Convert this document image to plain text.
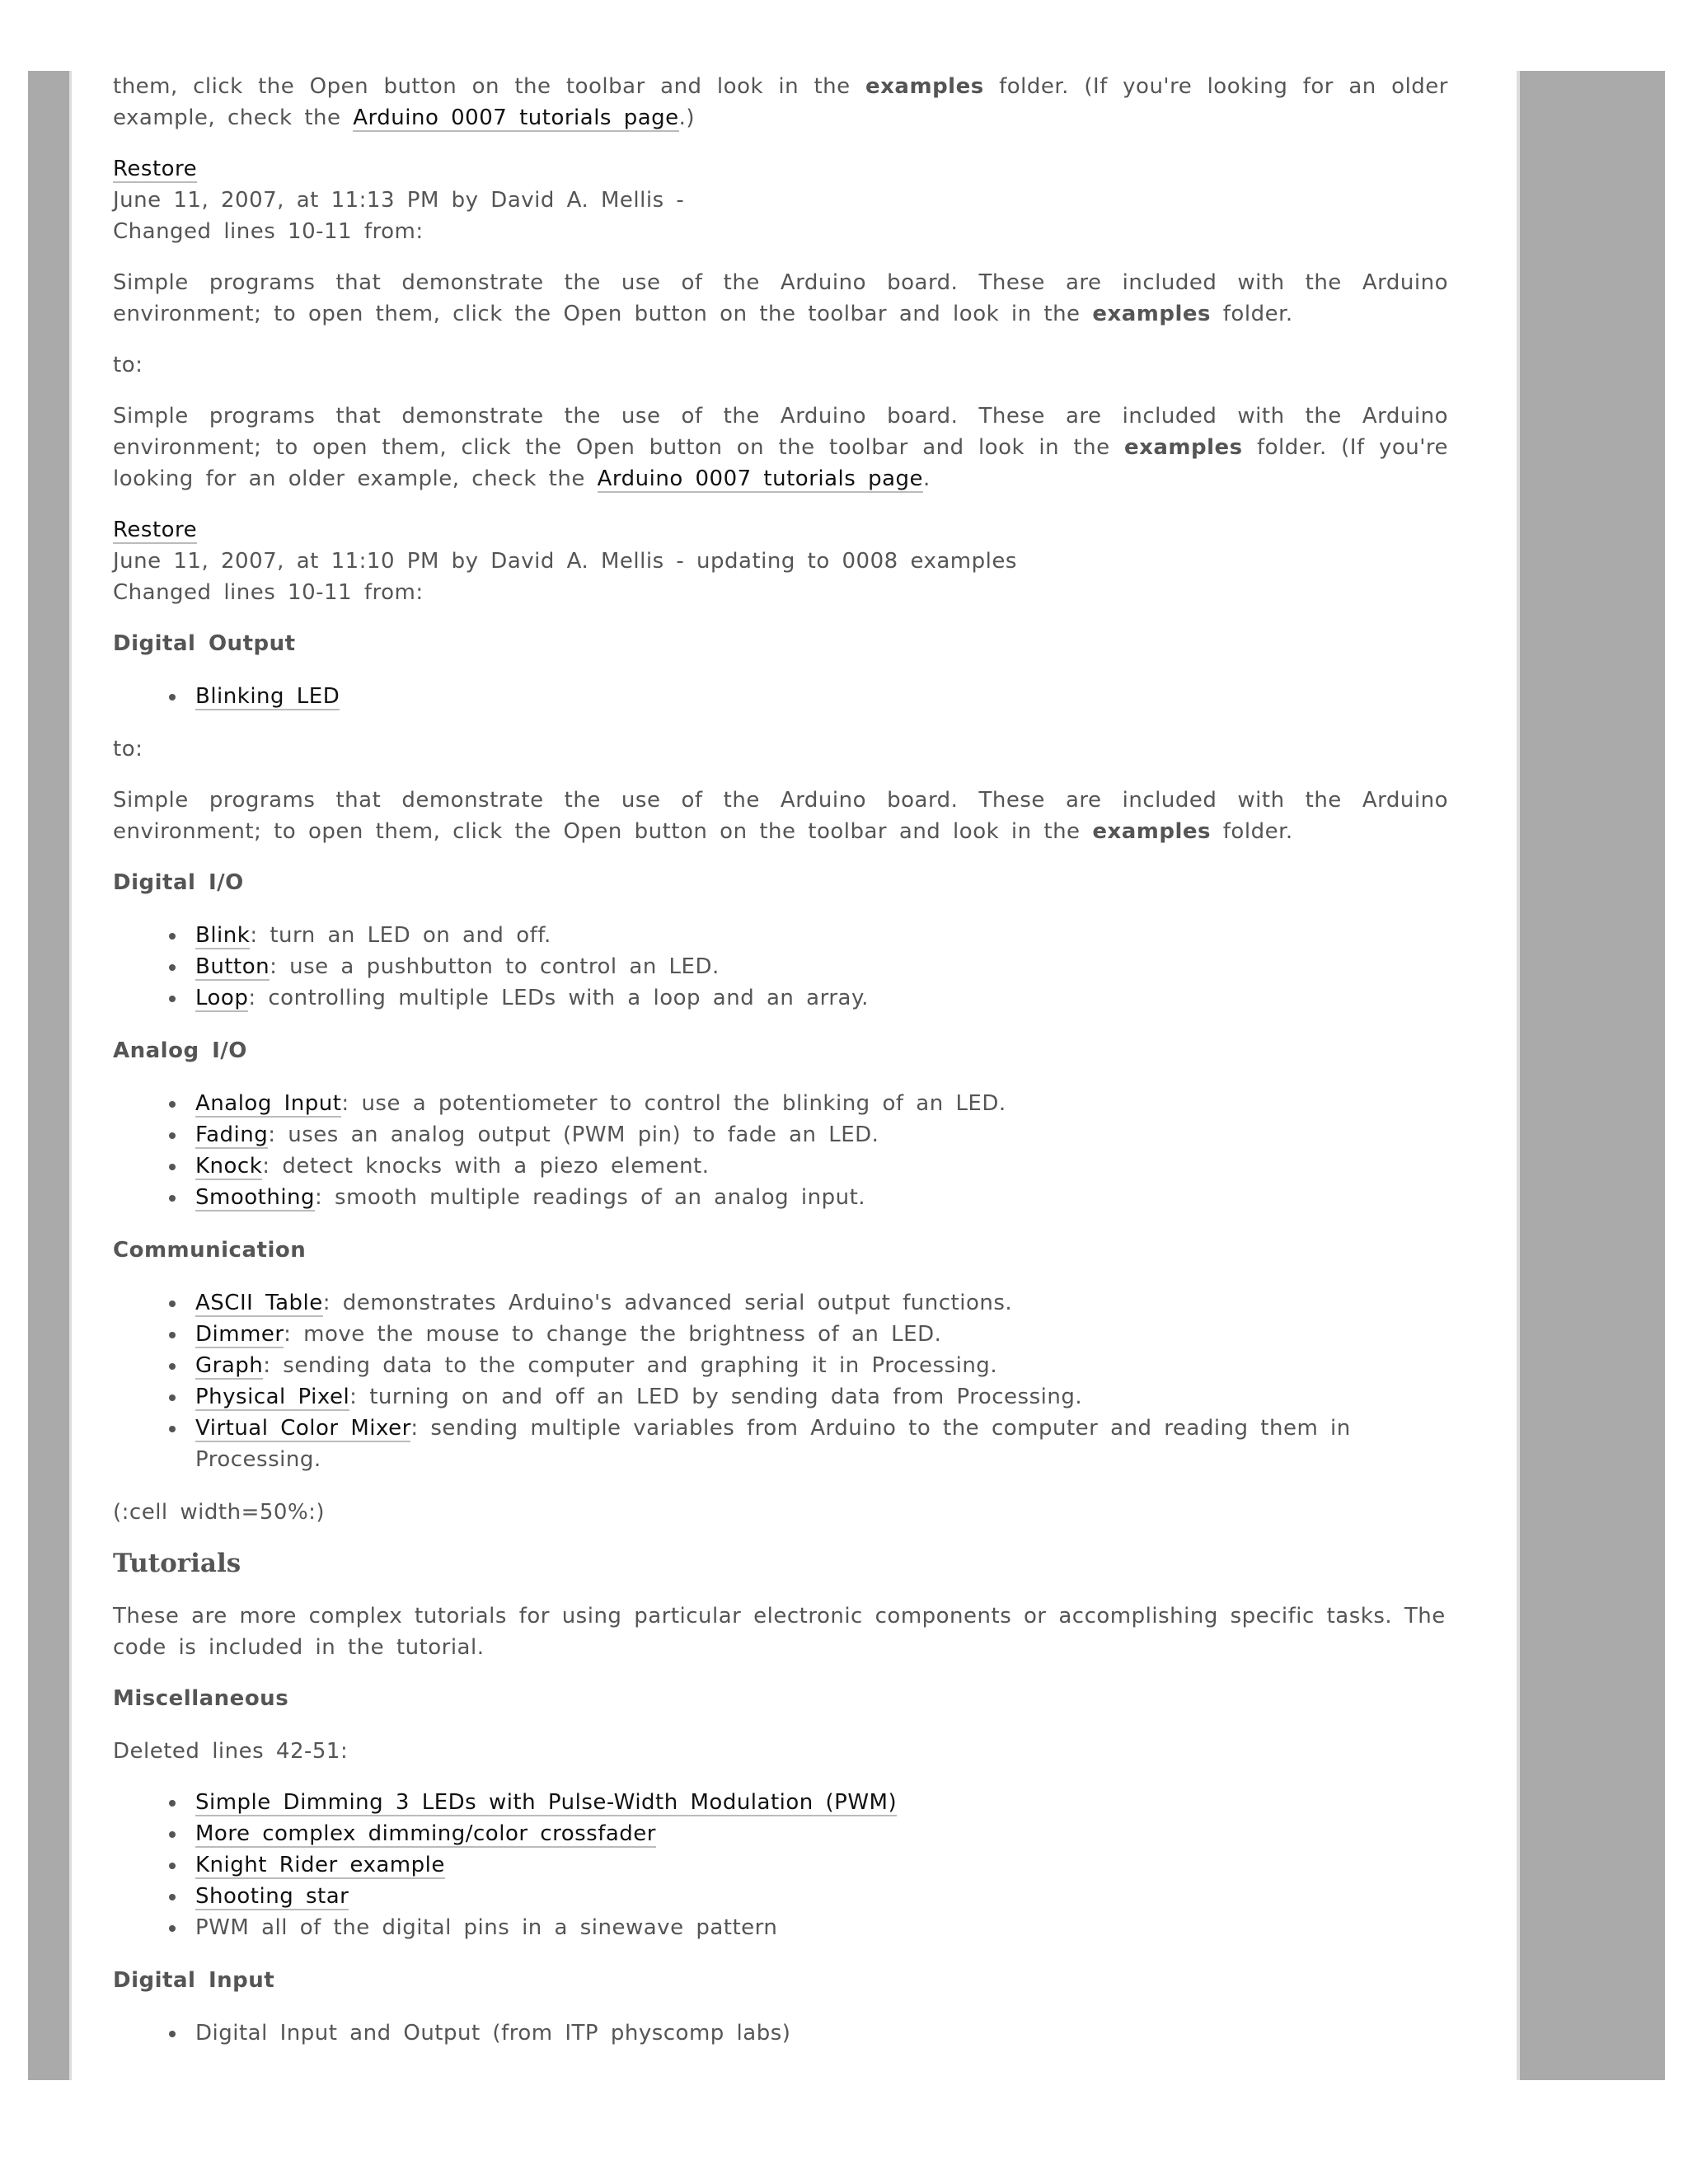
them, click the Open button on the toolbar and look in the examples folder. (If you're looking for an older example, check the Arduino 0007 tutorials page.)

Restore
June 11, 2007, at 11:13 PM by David A. Mellis -
Changed lines 10-11 from:

Simple programs that demonstrate the use of the Arduino board. These are included with the Arduino environment; to open them, click the Open button on the toolbar and look in the examples folder.

to:

Simple programs that demonstrate the use of the Arduino board. These are included with the Arduino environment; to open them, click the Open button on the toolbar and look in the examples folder. (If you're looking for an older example, check the Arduino 0007 tutorials page.

Restore
June 11, 2007, at 11:10 PM by David A. Mellis - updating to 0008 examples
Changed lines 10-11 from:
Digital Output
Blinking LED

to:

Simple programs that demonstrate the use of the Arduino board. These are included with the Arduino environment; to open them, click the Open button on the toolbar and look in the examples folder.

Digital I/O
Blink: turn an LED on and off.
Button: use a pushbutton to control an LED.
Loop: controlling multiple LEDs with a loop and an array.
Analog I/O
Analog Input: use a potentiometer to control the blinking of an LED.
Fading: uses an analog output (PWM pin) to fade an LED.
Knock: detect knocks with a piezo element.
Smoothing: smooth multiple readings of an analog input.
Communication
ASCII Table: demonstrates Arduino's advanced serial output functions.
Dimmer: move the mouse to change the brightness of an LED.
Graph: sending data to the computer and graphing it in Processing.
Physical Pixel: turning on and off an LED by sending data from Processing.
Virtual Color Mixer: sending multiple variables from Arduino to the computer and reading them in Processing.

(:cell width=50%:)

Tutorials

These are more complex tutorials for using particular electronic components or accomplishing specific tasks. The code is included in the tutorial.

Miscellaneous

Deleted lines 42-51:

Simple Dimming 3 LEDs with Pulse-Width Modulation (PWM)
More complex dimming/color crossfader
Knight Rider example
Shooting star
PWM all of the digital pins in a sinewave pattern
Digital Input
Digital Input and Output (from ITP physcomp labs)
